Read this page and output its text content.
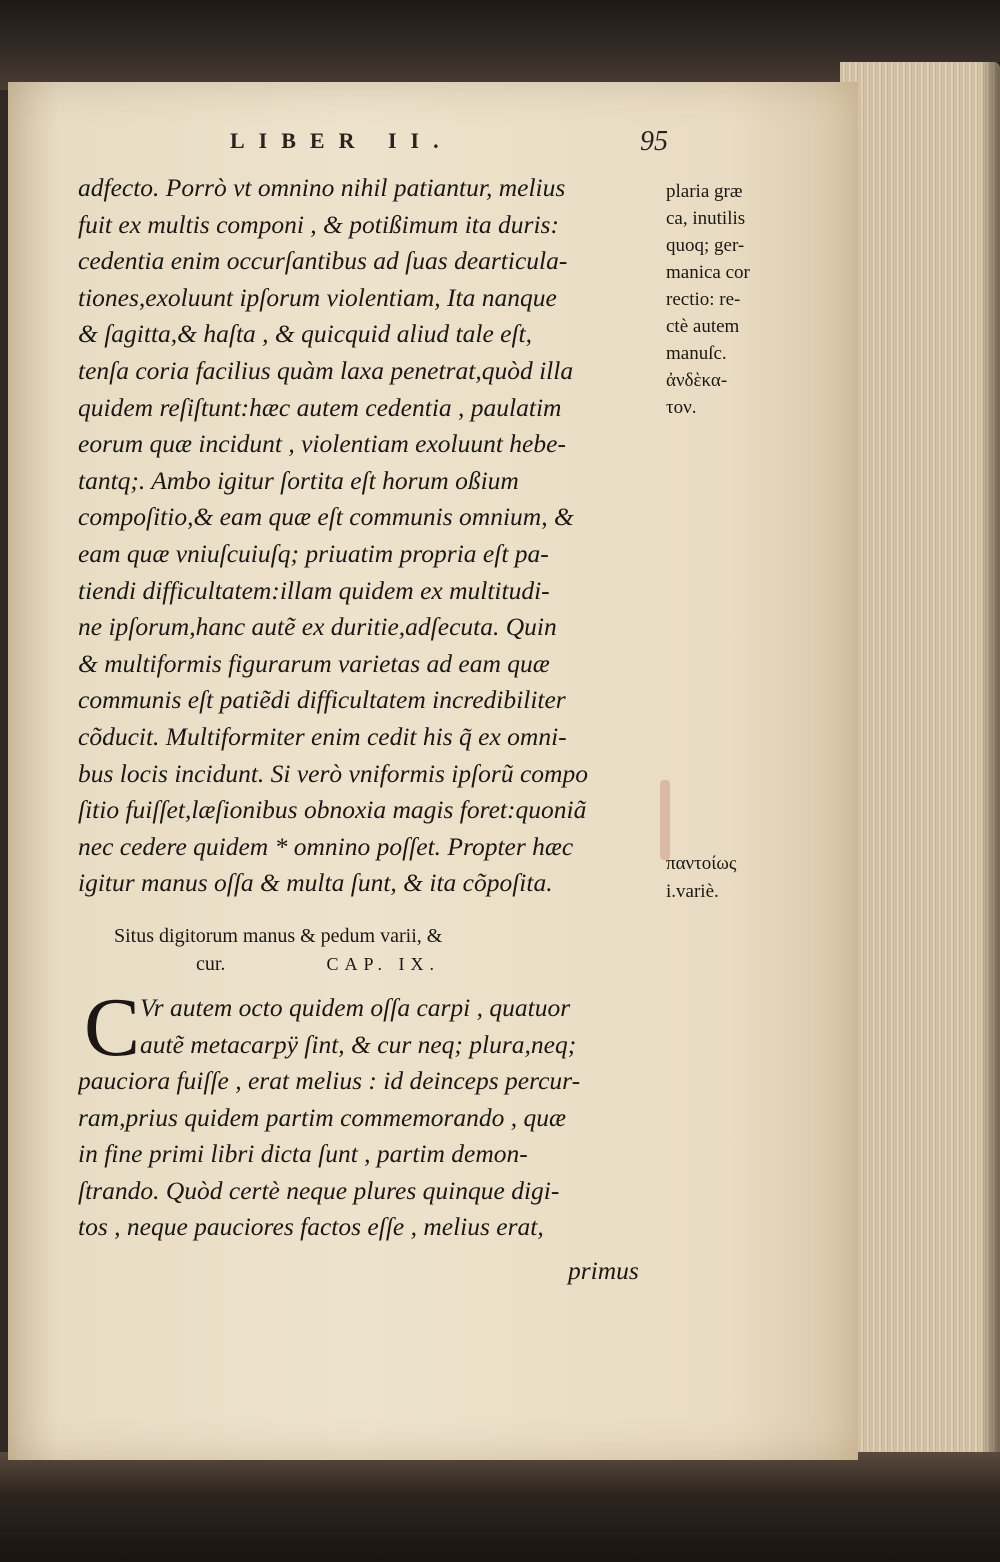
LIBER II.	95
adfecto. Porrò vt omnino nihil patiantur, melius
fuit ex multis componi , & potißimum ita duris:
cedentia enim occurſantibus ad ſuas dearticula-
tiones,exoluunt ipſorum violentiam, Ita nanque
& ſagitta,& haſta , & quicquid aliud tale eſt,
tenſa coria facilius quàm laxa penetrat,quòd illa
quidem reſiſtunt:hæc autem cedentia , paulatim
eorum quæ incidunt , violentiam exoluunt hebe-
tantq;. Ambo igitur ſortita eſt horum oßium
compoſitio,& eam quæ eſt communis omnium, &
eam quæ vniuſcuiuſq; priuatim propria eſt pa-
tiendi difficultatem:illam quidem ex multitudi-
ne ipſorum,hanc autẽ ex duritie,adſecuta. Quin
& multiformis figurarum varietas ad eam quæ
communis eſt patiẽdi difficultatem incredibiliter
cõducit. Multiformiter enim cedit his q̃ ex omni-
bus locis incidunt. Si verò vniformis ipſorũ compo
ſitio fuiſſet,læſionibus obnoxia magis foret:quoniã
nec cedere quidem * omnino poſſet. Propter hæc
igitur manus oſſa & multa ſunt, & ita cõpoſita.
plaria græ
ca, inutilis
quoq; ger-
manica cor
rectio: re-
ctè autem
manuſc.
ἀνδὲκα-
τον.
παντοίως
i.variè.
Situs digitorum manus & pedum varii, &
cur.	CAP. IX.
C Vr autem octo quidem oſſa carpi , quatuor
autẽ metacarpÿ ſint, & cur neq; plura,neq;
pauciora fuiſſe , erat melius : id deinceps percur-
ram,prius quidem partim commemorando , quæ
in fine primi libri dicta ſunt , partim demon-
ſtrando. Quòd certè neque plures quinque digi-
tos , neque pauciores factos eſſe , melius erat,
primus
